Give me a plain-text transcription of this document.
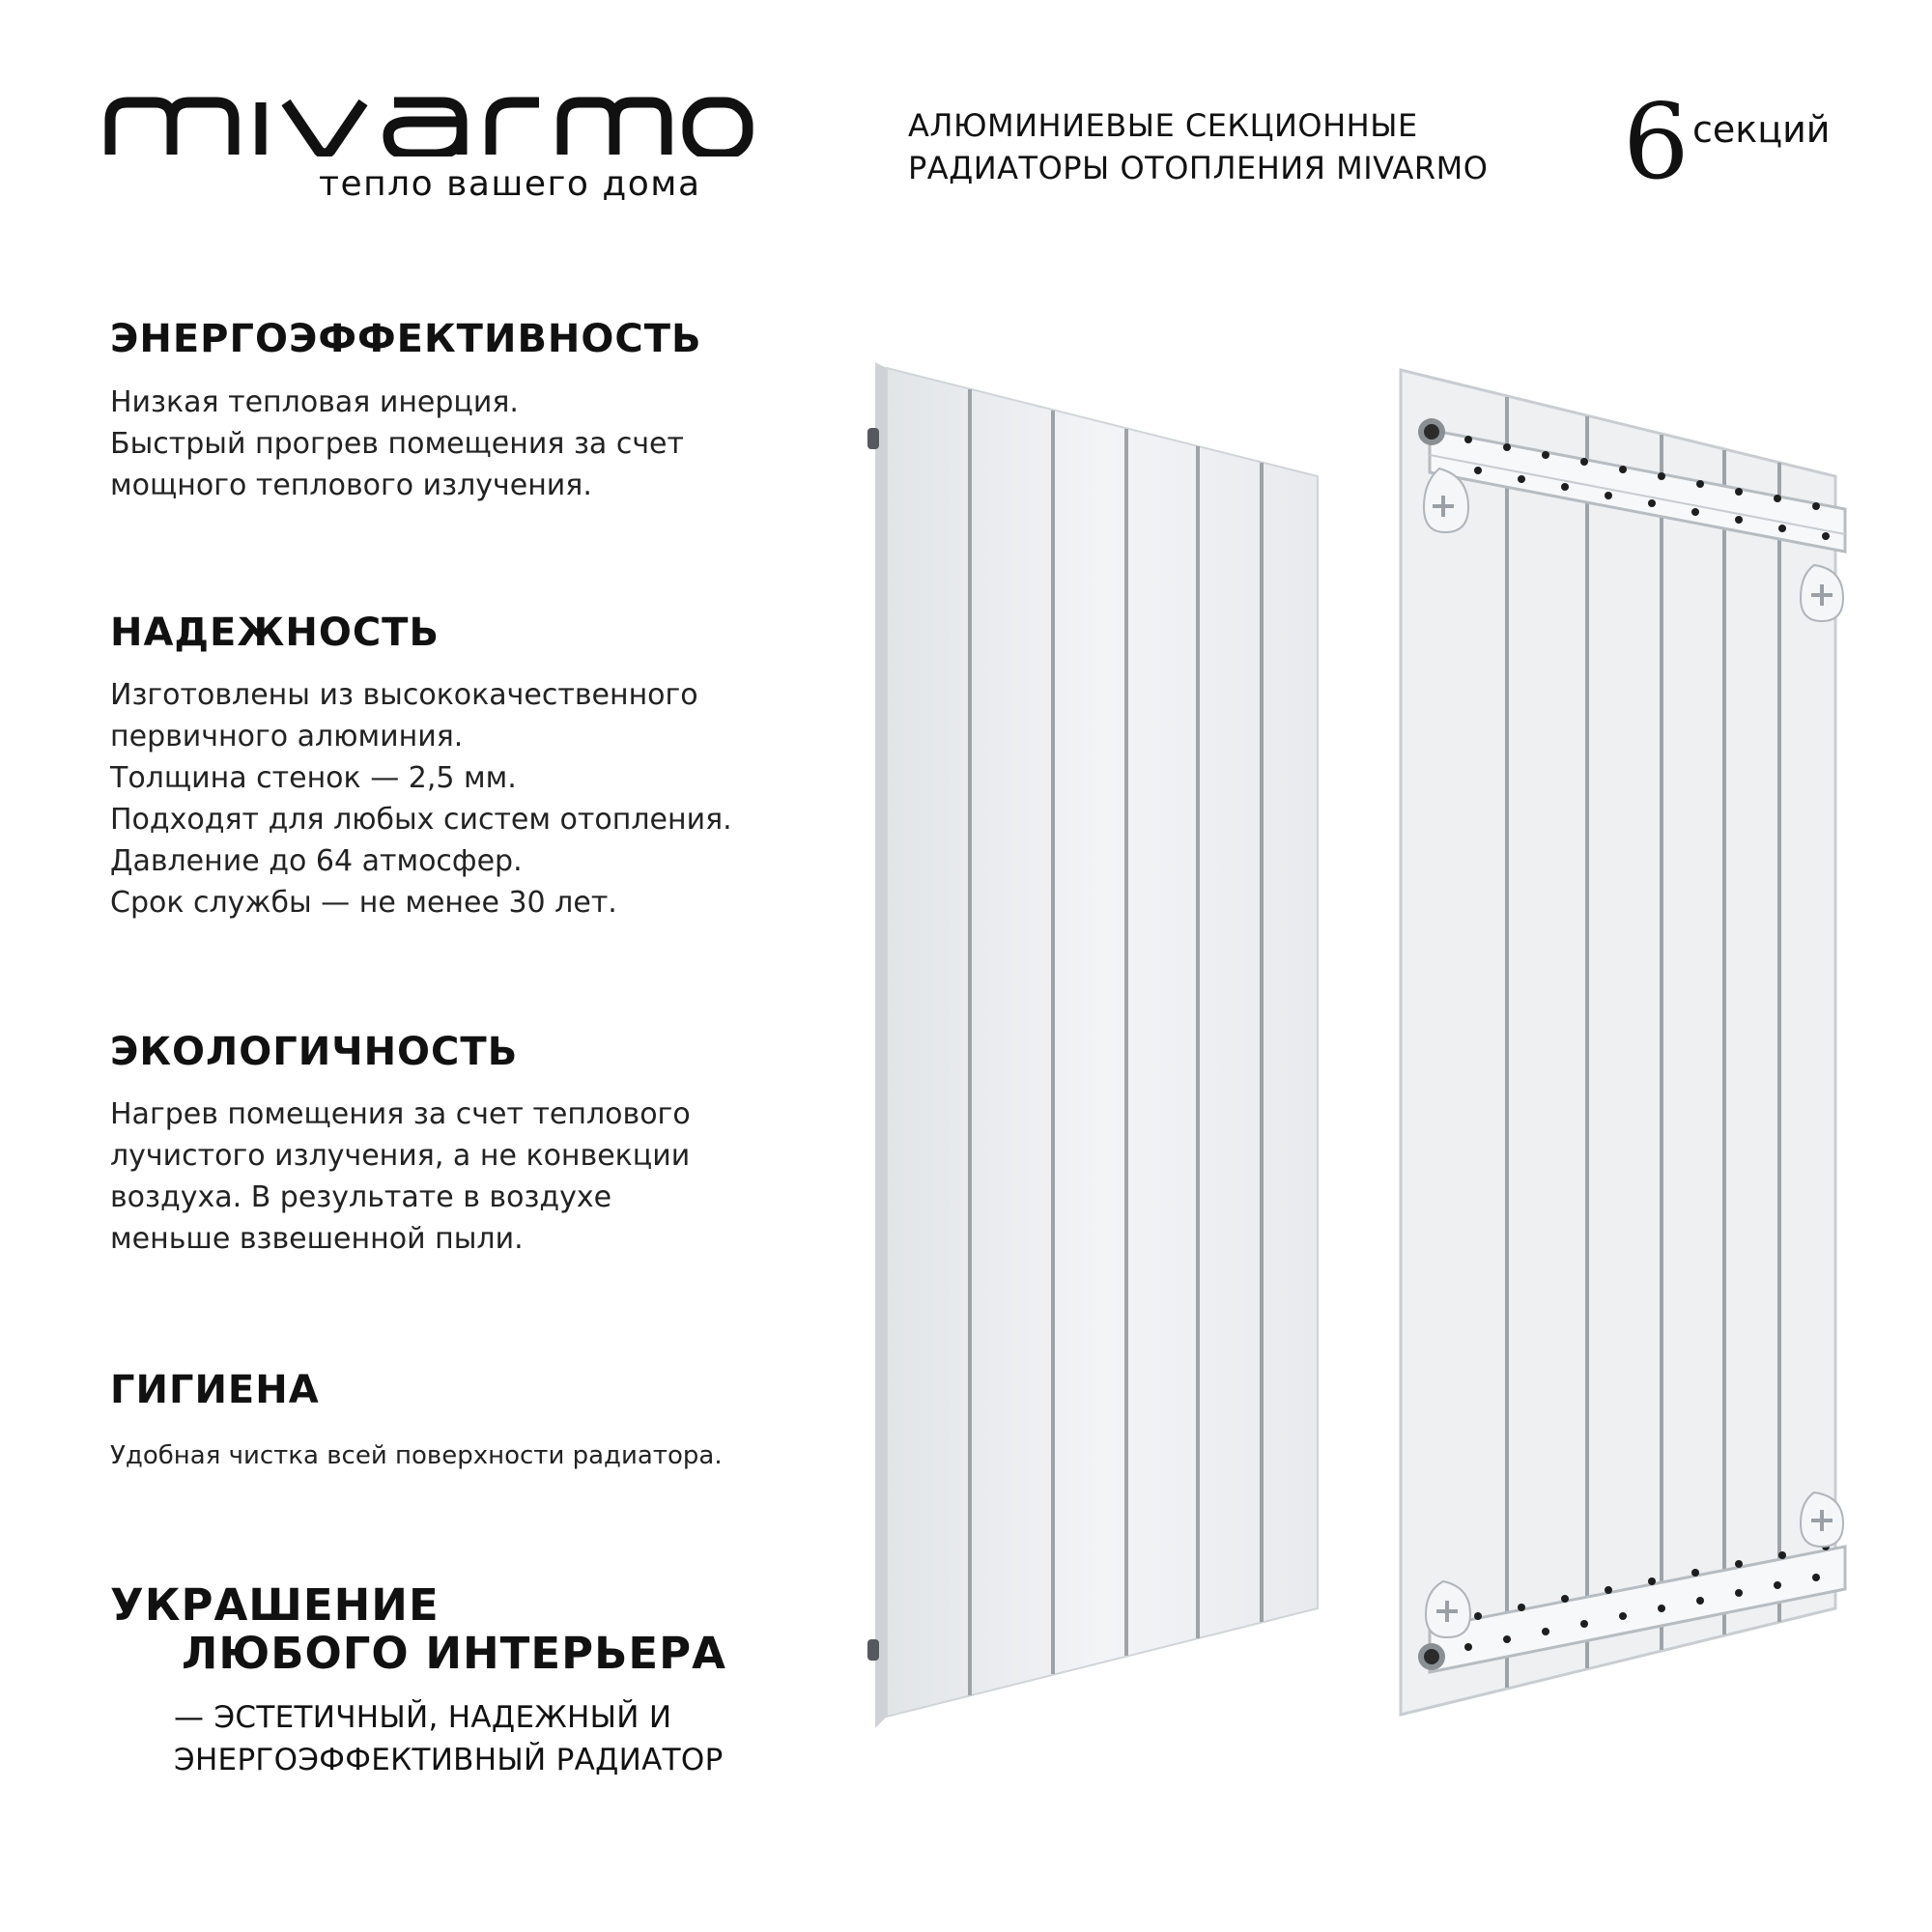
тепло вашего дома
АЛЮМИНИЕВЫЕ СЕКЦИОННЫЕ
РАДИАТОРЫ ОТОПЛЕНИЯ MIVARMO 6 секций
ЭНЕРГОЭФФЕКТИВНОСТЬ
Низкая тепловая инерция.
Быстрый прогрев помещения за счет
мощного теплового излучения.
НАДЕЖНОСТЬ
Изготовлены из высококачественного
первичного алюминия.
Толщина стенок — 2,5 мм.
Подходят для любых систем отопления.
Давление до 64 атмосфер.
Срок службы — не менее 30 лет.
ЭКОЛОГИЧНОСТЬ
Нагрев помещения за счет теплового
лучистого излучения, а не конвекции
воздуха. В результате в воздухе
меньше взвешенной пыли.
ГИГИЕНА
Удобная чистка всей поверхности радиатора.
УКРАШЕНИЕ
ЛЮБОГО ИНТЕРЬЕРА
— ЭСТЕТИЧНЫЙ, НАДЕЖНЫЙ И
ЭНЕРГОЭФФЕКТИВНЫЙ РАДИАТОР
